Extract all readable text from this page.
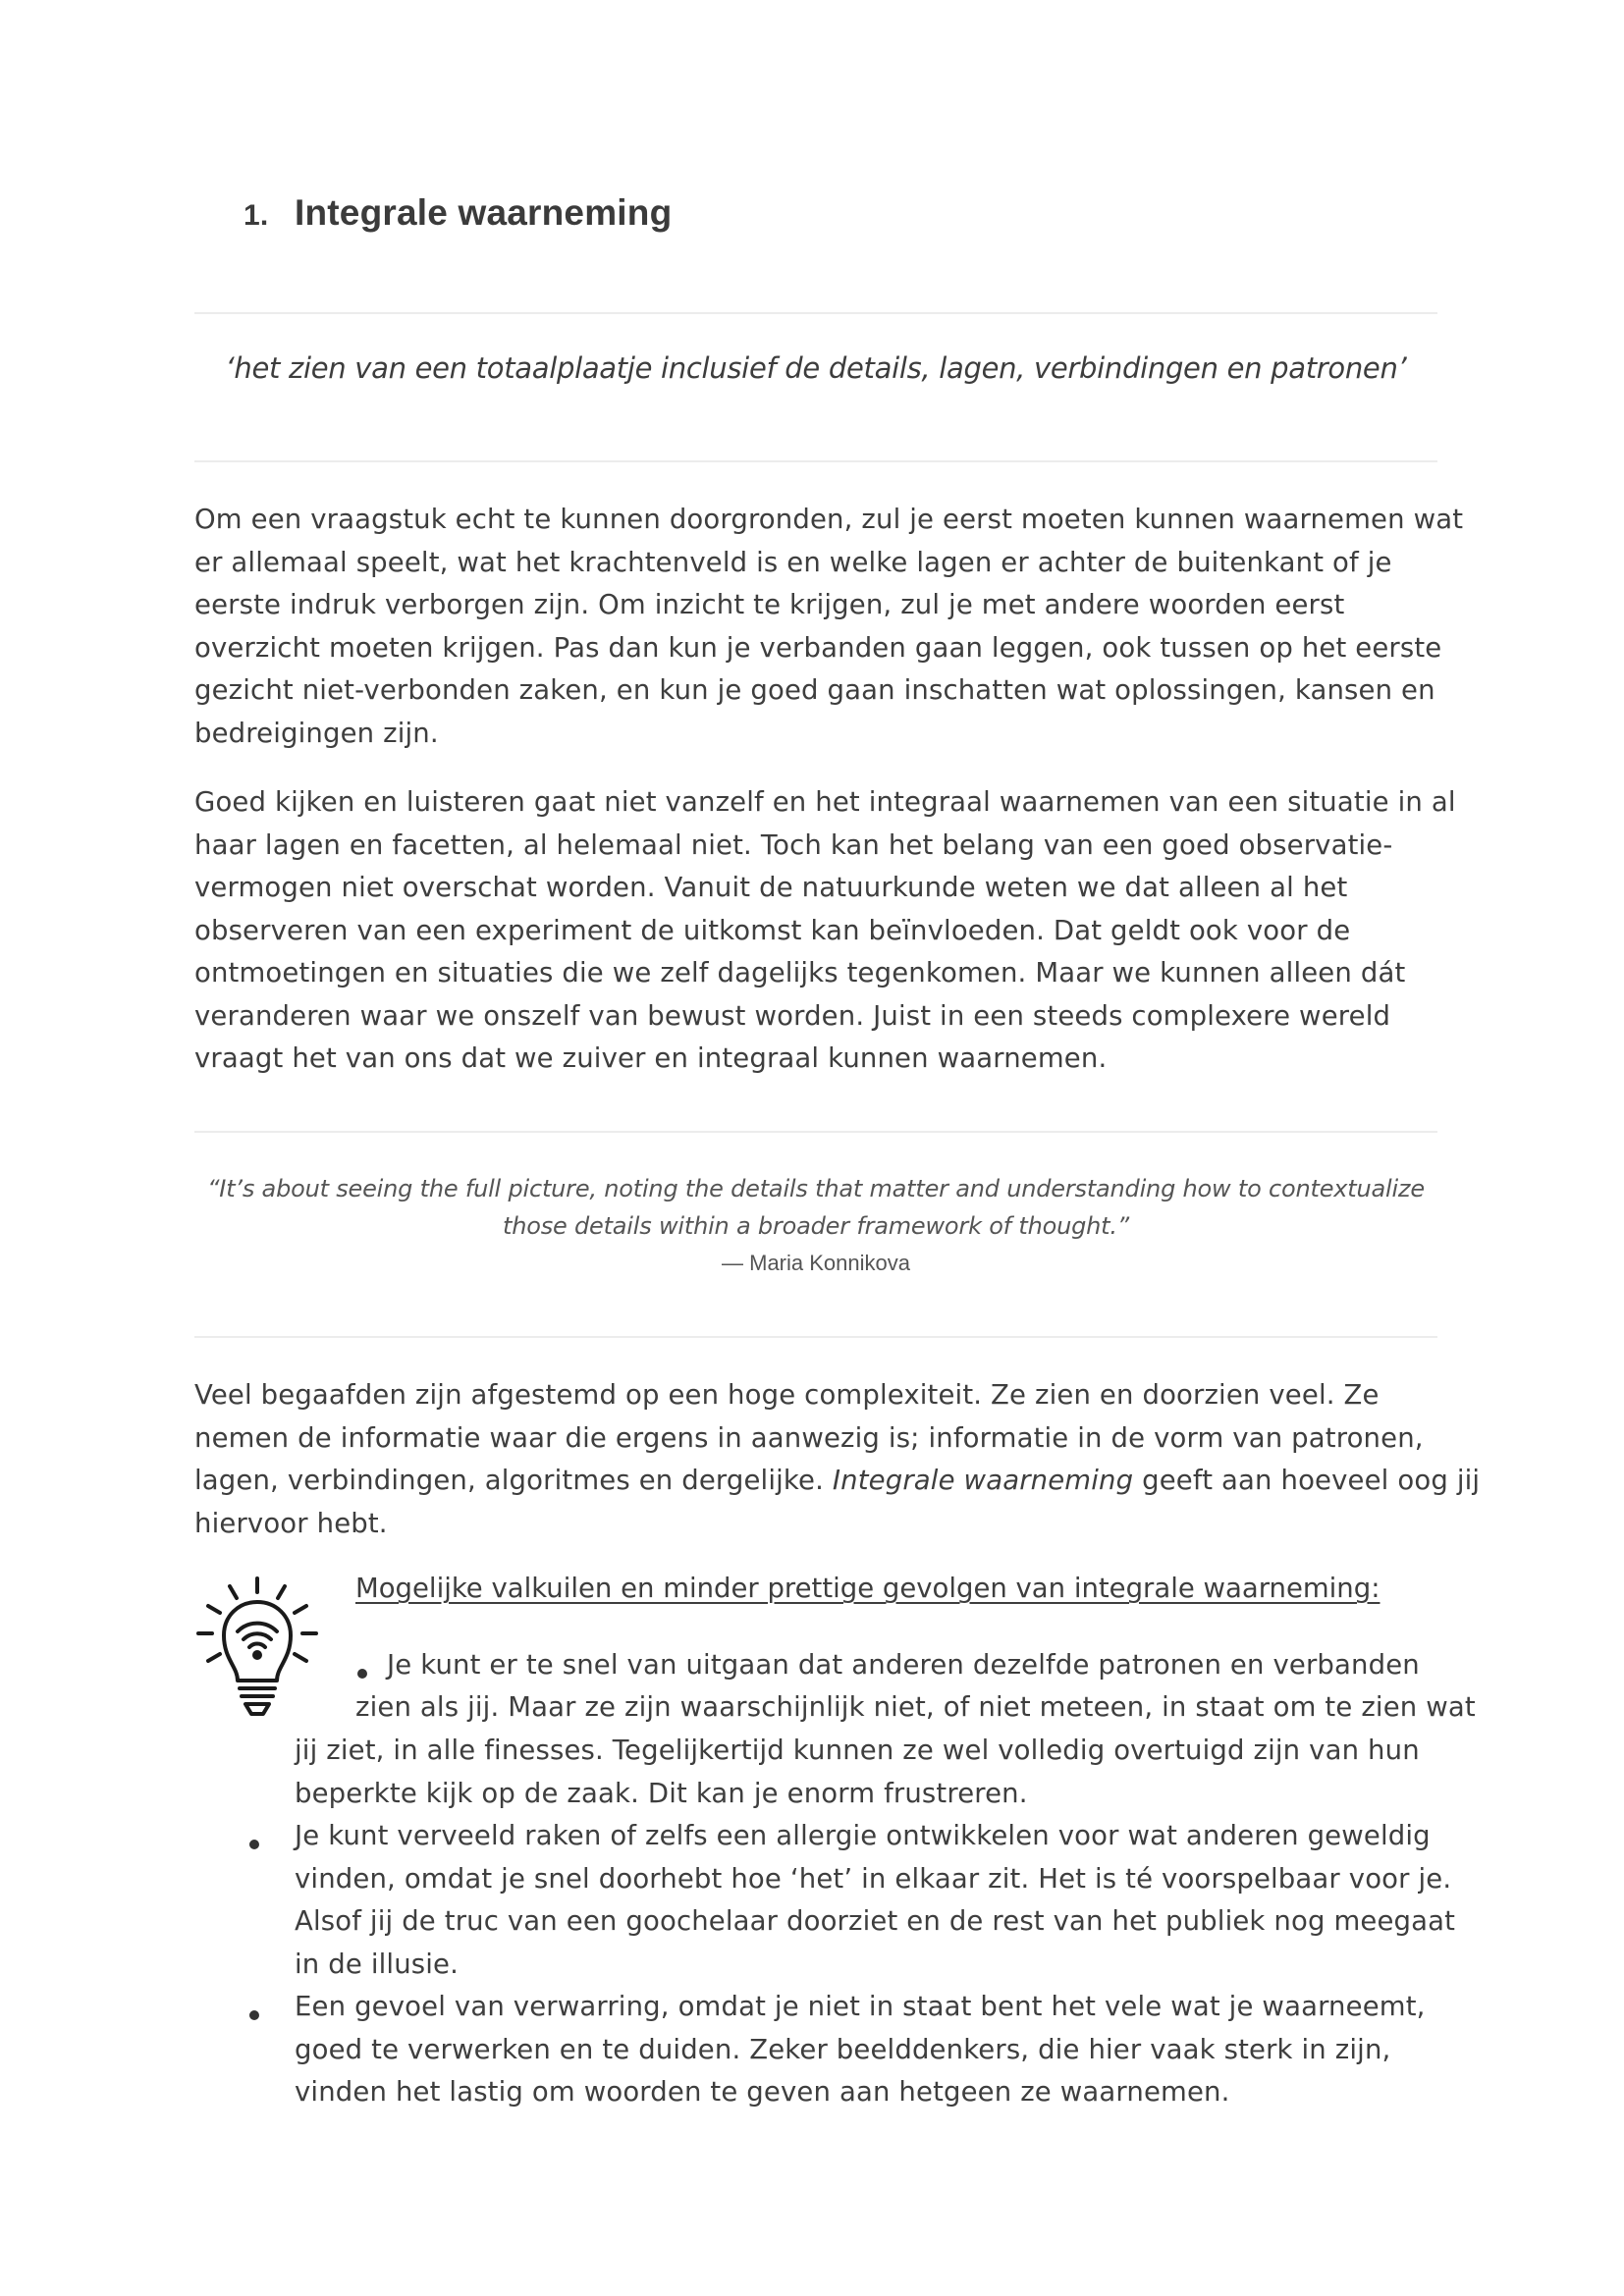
1. Integrale waarneming
‘het zien van een totaalplaatje inclusief de details, lagen, verbindingen en patronen’

Om een vraagstuk echt te kunnen doorgronden, zul je eerst moeten kunnen waarnemen wat
er allemaal speelt, wat het krachtenveld is en welke lagen er achter de buitenkant of je
eerste indruk verborgen zijn. Om inzicht te krijgen, zul je met andere woorden eerst
overzicht moeten krijgen. Pas dan kun je verbanden gaan leggen, ook tussen op het eerste
gezicht niet-verbonden zaken, en kun je goed gaan inschatten wat oplossingen, kansen en
bedreigingen zijn.

Goed kijken en luisteren gaat niet vanzelf en het integraal waarnemen van een situatie in al
haar lagen en facetten, al helemaal niet. Toch kan het belang van een goed observatie-
vermogen niet overschat worden. Vanuit de natuurkunde weten we dat alleen al het
observeren van een experiment de uitkomst kan beïnvloeden. Dat geldt ook voor de
ontmoetingen en situaties die we zelf dagelijks tegenkomen. Maar we kunnen alleen dát
veranderen waar we onszelf van bewust worden. Juist in een steeds complexere wereld
vraagt het van ons dat we zuiver en integraal kunnen waarnemen.

“It’s about seeing the full picture, noting the details that matter and understanding how to contextualize
those details within a broader framework of thought.”
— Maria Konnikova

Veel begaafden zijn afgestemd op een hoge complexiteit. Ze zien en doorzien veel. Ze
nemen de informatie waar die ergens in aanwezig is; informatie in de vorm van patronen,
lagen, verbindingen, algoritmes en dergelijke. Integrale waarneming geeft aan hoeveel oog jij
hiervoor hebt.

Mogelijke valkuilen en minder prettige gevolgen van integrale waarneming:

Je kunt er te snel van uitgaan dat anderen dezelfde patronen en verbanden

zien als jij. Maar ze zijn waarschijnlijk niet, of niet meteen, in staat om te zien wat

jij ziet, in alle finesses. Tegelijkertijd kunnen ze wel volledig overtuigd zijn van hun
beperkte kijk op de zaak. Dit kan je enorm frustreren.

Je kunt verveeld raken of zelfs een allergie ontwikkelen voor wat anderen geweldig
vinden, omdat je snel doorhebt hoe ‘het’ in elkaar zit. Het is té voorspelbaar voor je.
Alsof jij de truc van een goochelaar doorziet en de rest van het publiek nog meegaat
in de illusie.

Een gevoel van verwarring, omdat je niet in staat bent het vele wat je waarneemt,
goed te verwerken en te duiden. Zeker beelddenkers, die hier vaak sterk in zijn,
vinden het lastig om woorden te geven aan hetgeen ze waarnemen.
